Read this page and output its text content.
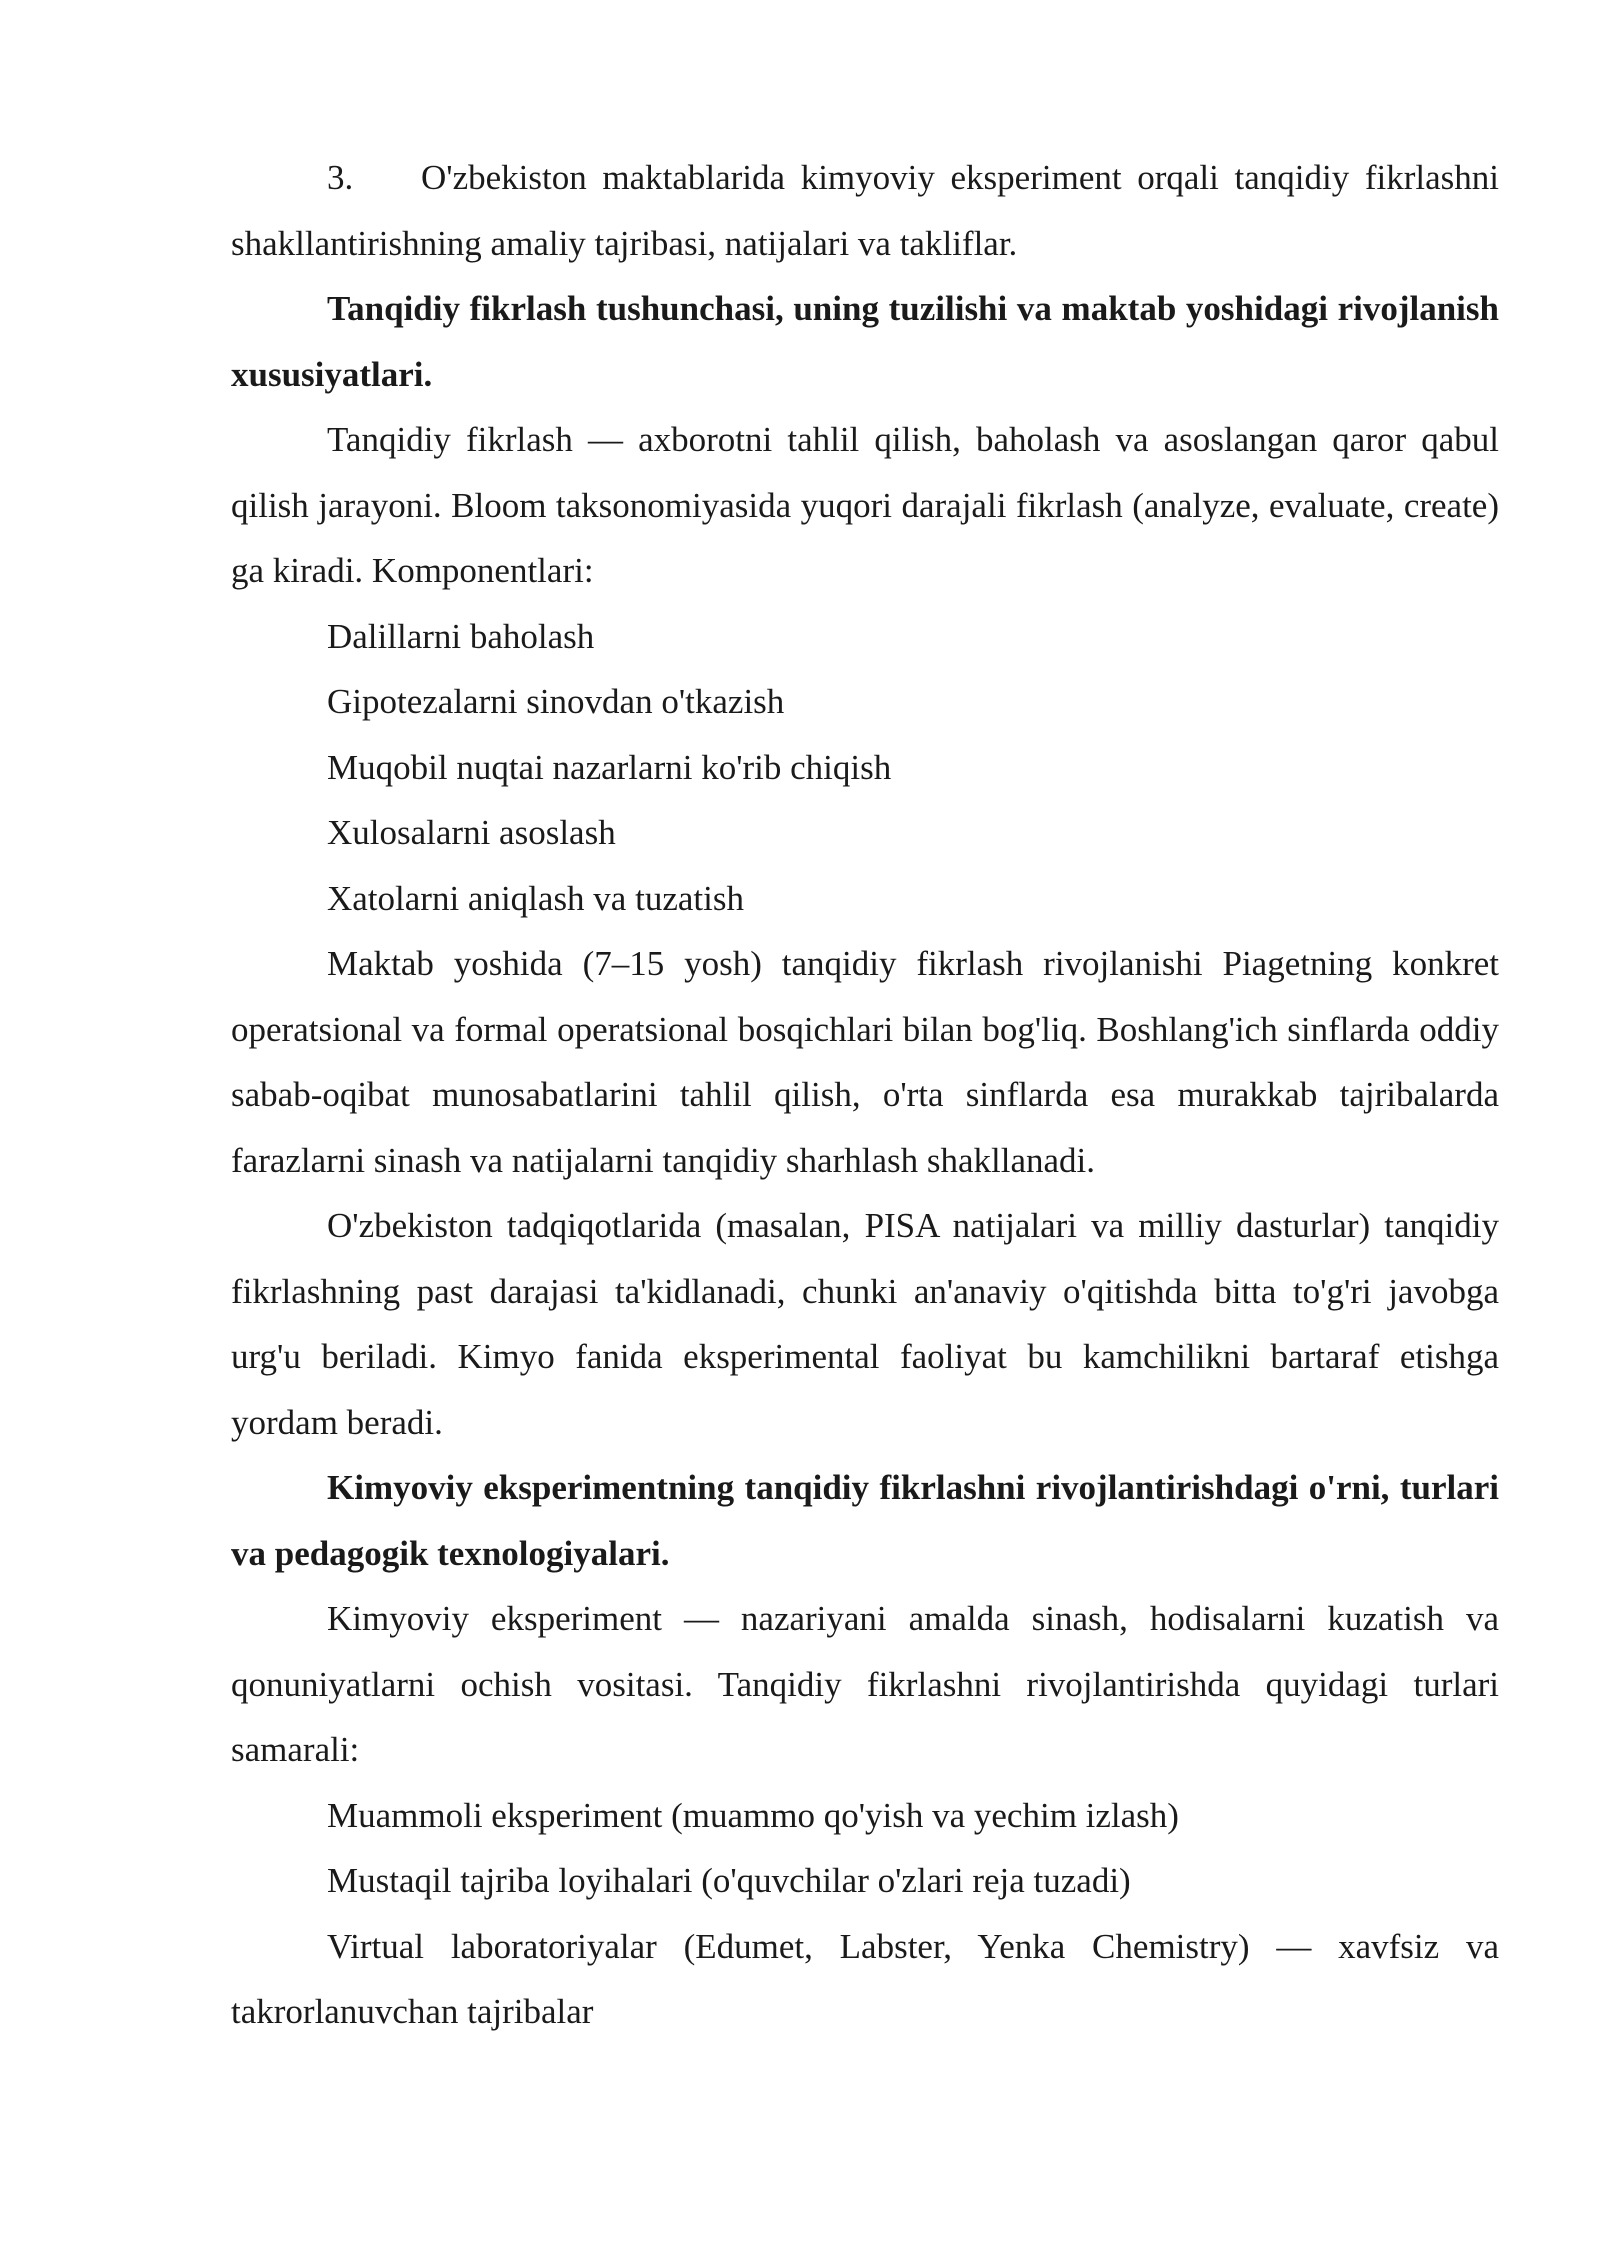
3. O'zbekiston maktablarida kimyoviy eksperiment orqali tanqidiy fikrlashni shakllantirishning amaliy tajribasi, natijalari va takliflar.

Tanqidiy fikrlash tushunchasi, uning tuzilishi va maktab yoshidagi rivojlanish xususiyatlari.

Tanqidiy fikrlash — axborotni tahlil qilish, baholash va asoslangan qaror qabul qilish jarayoni. Bloom taksonomiyasida yuqori darajali fikrlash (analyze, evaluate, create) ga kiradi. Komponentlari:

Dalillarni baholash

Gipotezalarni sinovdan o'tkazish

Muqobil nuqtai nazarlarni ko'rib chiqish

Xulosalarni asoslash

Xatolarni aniqlash va tuzatish

Maktab yoshida (7–15 yosh) tanqidiy fikrlash rivojlanishi Piagetning konkret operatsional va formal operatsional bosqichlari bilan bog'liq. Boshlang'ich sinflarda oddiy sabab-oqibat munosabatlarini tahlil qilish, o'rta sinflarda esa murakkab tajribalarda farazlarni sinash va natijalarni tanqidiy sharhlash shakllanadi.

O'zbekiston tadqiqotlarida (masalan, PISA natijalari va milliy dasturlar) tanqidiy fikrlashning past darajasi ta'kidlanadi, chunki an'anaviy o'qitishda bitta to'g'ri javobga urg'u beriladi. Kimyo fanida eksperimental faoliyat bu kamchilikni bartaraf etishga yordam beradi.

Kimyoviy eksperimentning tanqidiy fikrlashni rivojlantirishdagi o'rni, turlari va pedagogik texnologiyalari.

Kimyoviy eksperiment — nazariyani amalda sinash, hodisalarni kuzatish va qonuniyatlarni ochish vositasi. Tanqidiy fikrlashni rivojlantirishda quyidagi turlari samarali:

Muammoli eksperiment (muammo qo'yish va yechim izlash)

Mustaqil tajriba loyihalari (o'quvchilar o'zlari reja tuzadi)

Virtual laboratoriyalar (Edumet, Labster, Yenka Chemistry) — xavfsiz va takrorlanuvchan tajribalar
